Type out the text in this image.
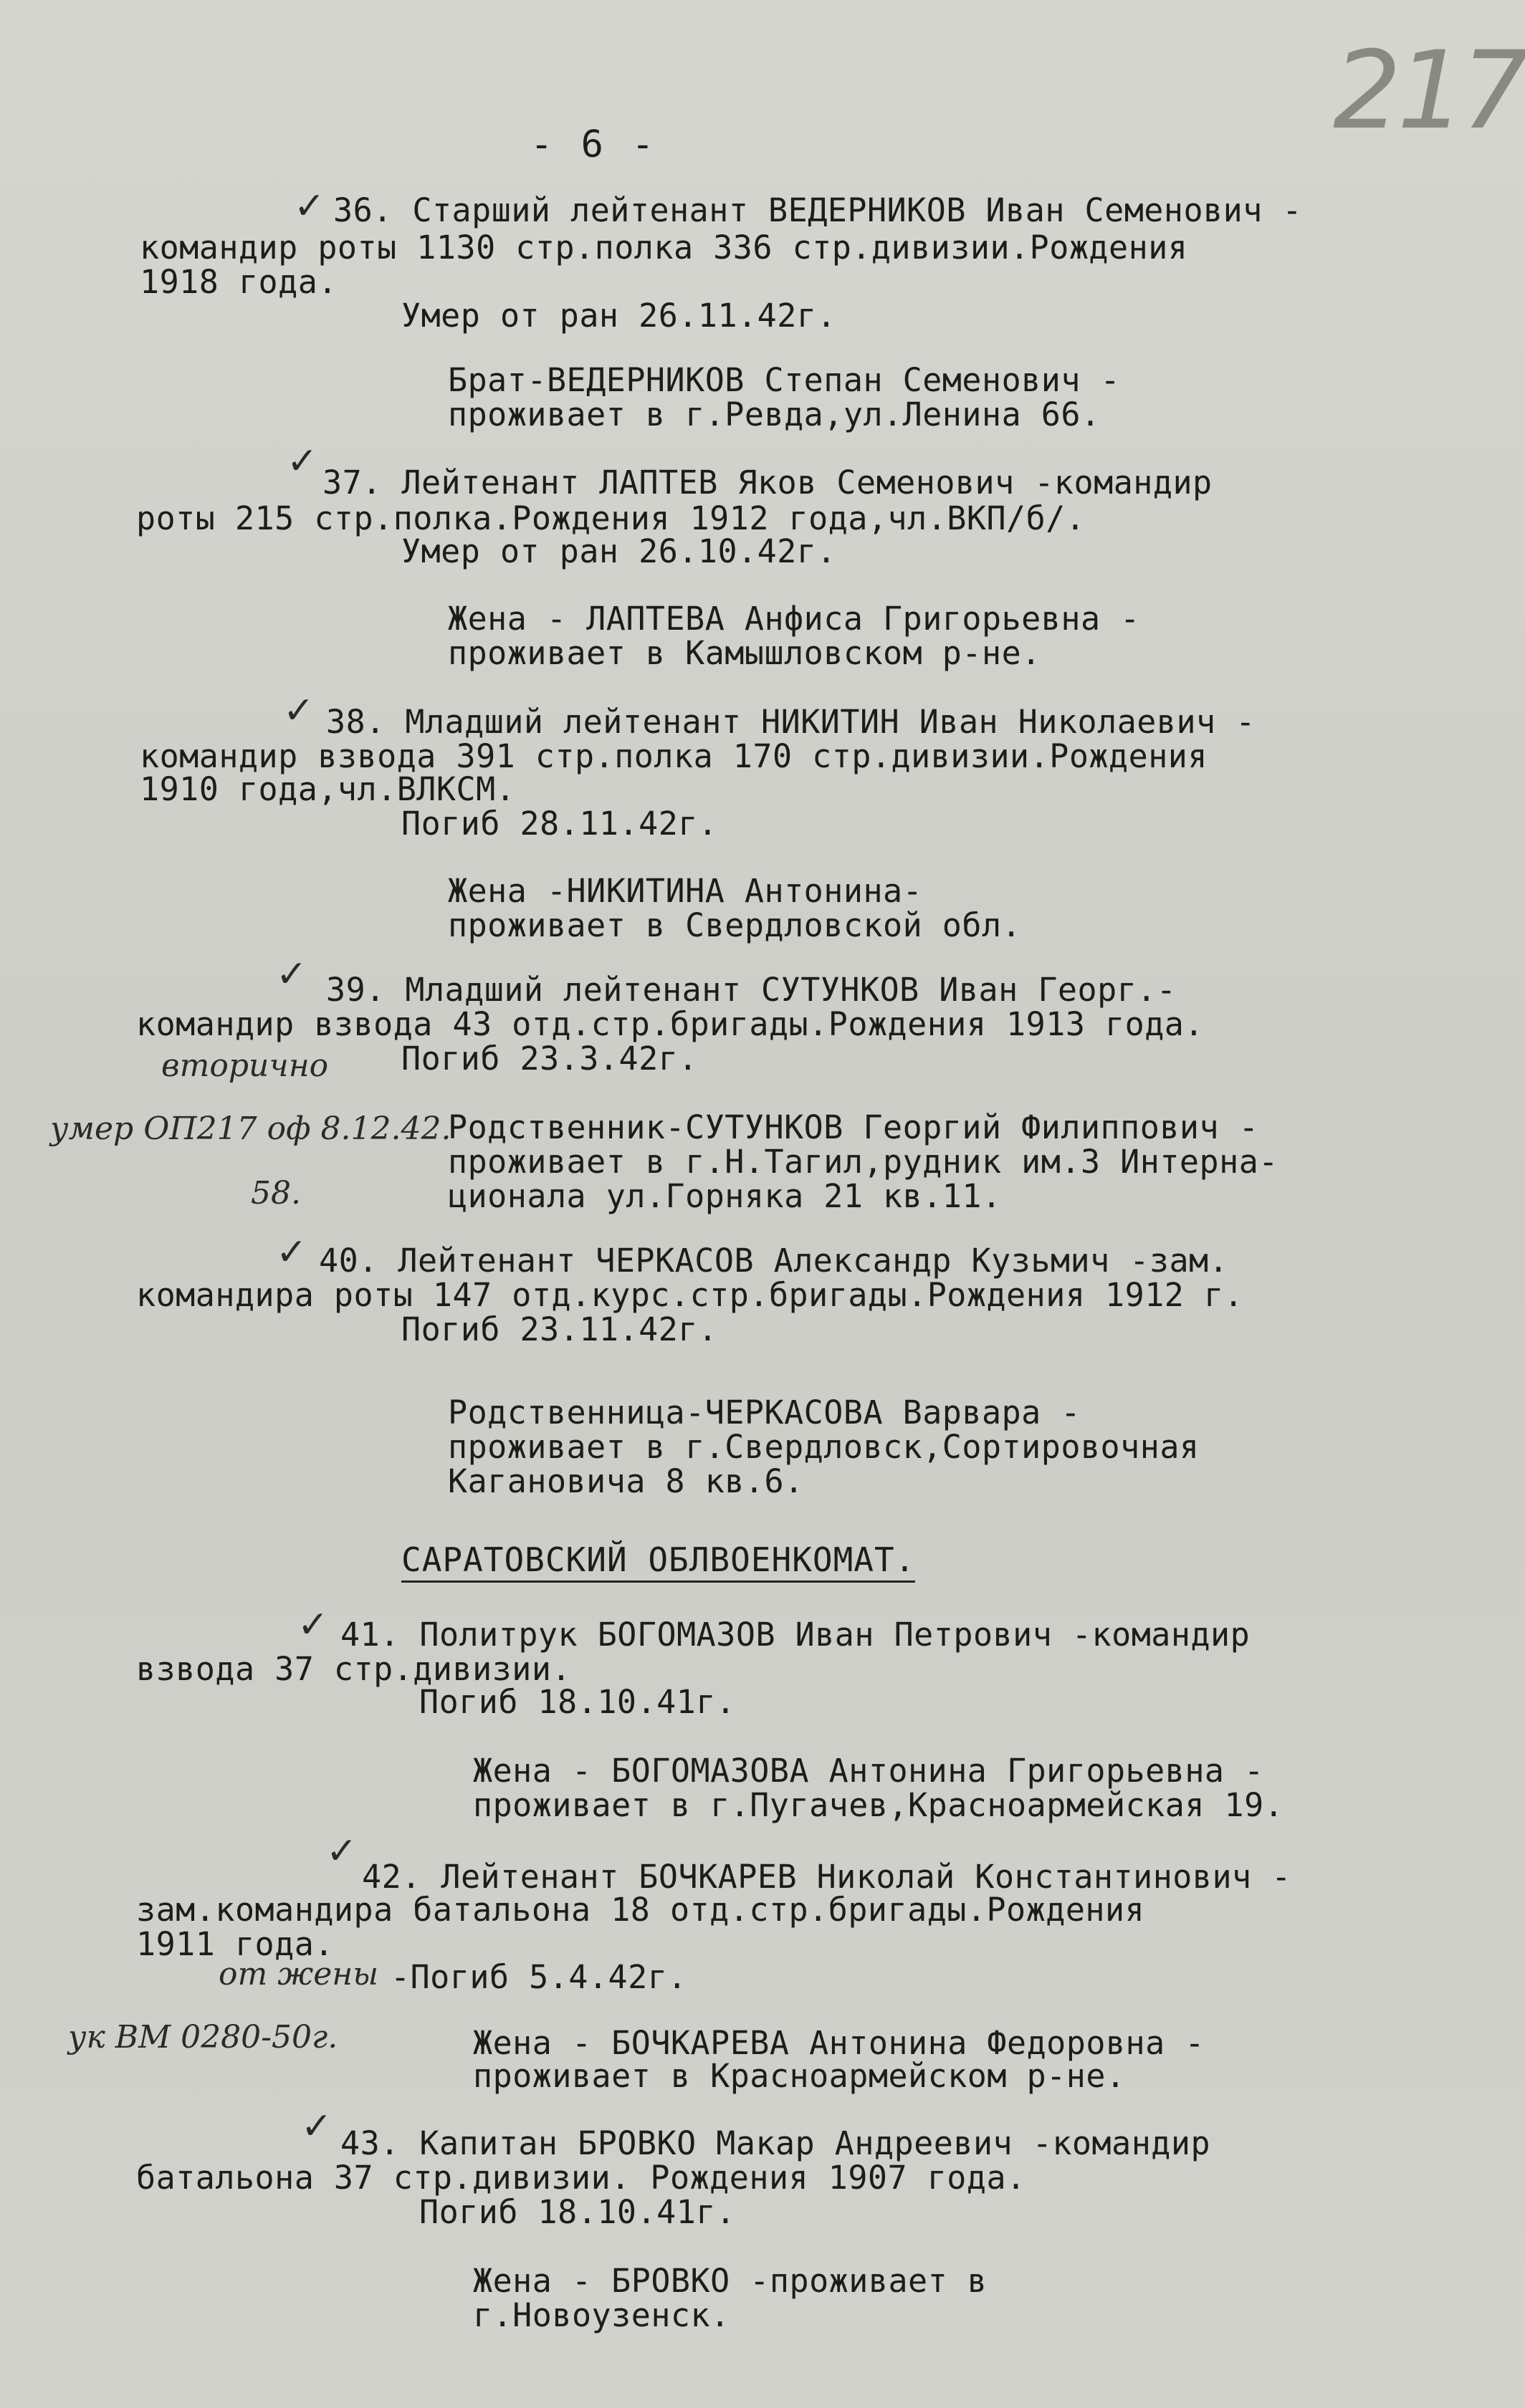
217
- 6 -
✓ 36. Старший лейтенант ВЕДЕРНИКОВ Иван Семенович -
командир роты 1130 стр.полка 336 стр.дивизии.Рождения
1918 года.
Умер от ран 26.11.42г.
Брат-ВЕДЕРНИКОВ Степан Семенович -
проживает в г.Ревда,ул.Ленина 66.
✓ 37. Лейтенант ЛАПТЕВ Яков Семенович -командир
роты 215 стр.полка.Рождения 1912 года,чл.ВКП/б/.
Умер от ран 26.10.42г.
Жена - ЛАПТЕВА Анфиса Григорьевна -
проживает в Камышловском р-не.
✓ 38. Младший лейтенант НИКИТИН Иван Николаевич -
командир взвода 391 стр.полка 170 стр.дивизии.Рождения
1910 года,чл.ВЛКСМ.
Погиб 28.11.42г.
Жена -НИКИТИНА Антонина-
проживает в Свердловской обл.
✓ 39. Младший лейтенант СУТУНКОВ Иван Георг.-
командир взвода 43 отд.стр.бригады.Рождения 1913 года.
Погиб 23.3.42г.
вторично
умер ОП217 оф 8.12.42.
Родственник-СУТУНКОВ Георгий Филиппович -
проживает в г.Н.Тагил,рудник им.3 Интерна-
58.	ционала ул.Горняка 21 кв.11.
✓ 40. Лейтенант ЧЕРКАСОВ Александр Кузьмич -зам.
командира роты 147 отд.курс.стр.бригады.Рождения 1912 г.
Погиб 23.11.42г.
Родственница-ЧЕРКАСОВА Варвара -
проживает в г.Свердловск,Сортировочная
Кагановича 8 кв.6.
САРАТОВСКИЙ ОБЛВОЕНКОМАТ.
✓ 41. Политрук БОГОМАЗОВ Иван Петрович -командир
взвода 37 стр.дивизии.
Погиб 18.10.41г.
Жена - БОГОМАЗОВА Антонина Григорьевна -
проживает в г.Пугачев,Красноармейская 19.
✓
42. Лейтенант БОЧКАРЕВ Николай Константинович -
зам.командира батальона 18 отд.стр.бригады.Рождения
1911 года.
от жены -Погиб 5.4.42г.
ук ВМ 0280-50г.	Жена - БОЧКАРЕВА Антонина Федоровна -
проживает в Красноармейском р-не.
✓ 43. Капитан БРОВКО Макар Андреевич -командир
батальона 37 стр.дивизии. Рождения 1907 года.
Погиб 18.10.41г.
Жена - БРОВКО -проживает в
г.Новоузенск.
